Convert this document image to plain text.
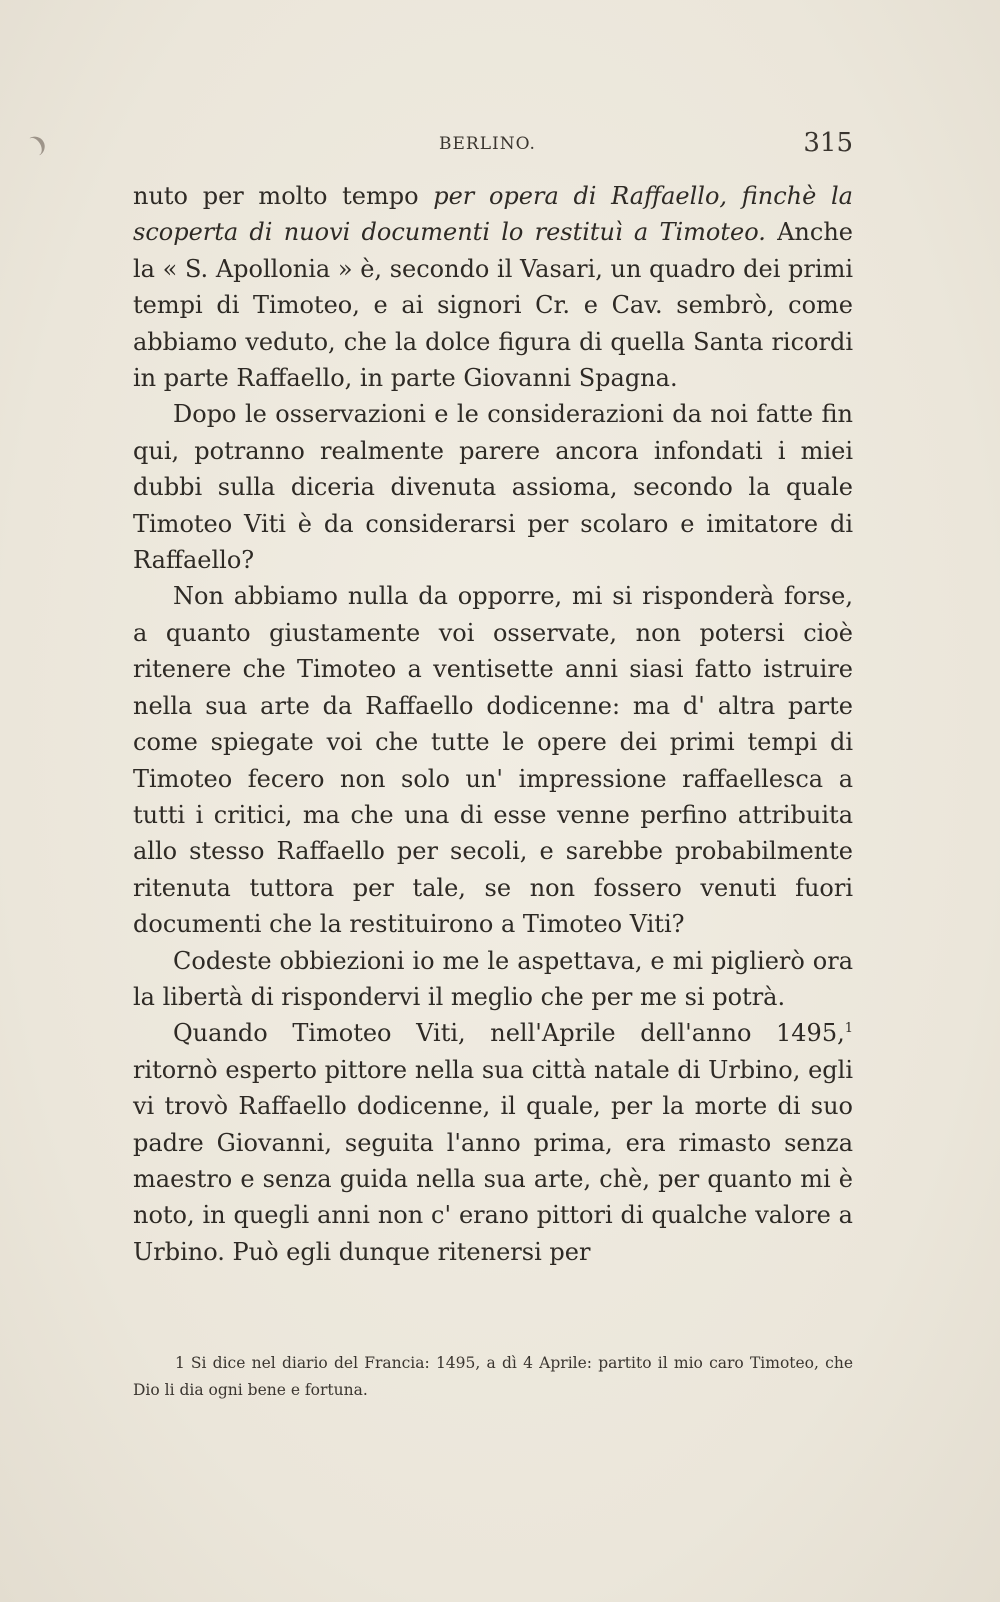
❩	BERLINO.	315

nuto per molto tempo per opera di Raffaello, finchè la scoperta di nuovi documenti lo restituì a Timoteo. Anche la « S. Apollonia » è, secondo il Vasari, un quadro dei primi tempi di Timoteo, e ai signori Cr. e Cav. sembrò, come abbiamo veduto, che la dolce figura di quella Santa ricordi in parte Raffaello, in parte Giovanni Spagna.

Dopo le osservazioni e le considerazioni da noi fatte fin qui, potranno realmente parere ancora infondati i miei dubbi sulla diceria divenuta assioma, secondo la quale Timoteo Viti è da considerarsi per scolaro e imitatore di Raffaello?

Non abbiamo nulla da opporre, mi si risponderà forse, a quanto giustamente voi osservate, non potersi cioè ritenere che Timoteo a ventisette anni siasi fatto istruire nella sua arte da Raffaello dodicenne: ma d' altra parte come spiegate voi che tutte le opere dei primi tempi di Timoteo fecero non solo un' impressione raffaellesca a tutti i critici, ma che una di esse venne perfino attribuita allo stesso Raffaello per secoli, e sarebbe probabilmente ritenuta tuttora per tale, se non fossero venuti fuori documenti che la restituirono a Timoteo Viti?

Codeste obbiezioni io me le aspettava, e mi piglierò ora la libertà di rispondervi il meglio che per me si potrà.

Quando Timoteo Viti, nell'Aprile dell'anno 1495,$^1$ ritornò esperto pittore nella sua città natale di Urbino, egli vi trovò Raffaello dodicenne, il quale, per la morte di suo padre Giovanni, seguita l'anno prima, era rimasto senza maestro e senza guida nella sua arte, chè, per quanto mi è noto, in quegli anni non c' erano pittori di qualche valore a Urbino. Può egli dunque ritenersi per

1 Si dice nel diario del Francia: 1495, a dì 4 Aprile: partito il mio caro Timoteo, che Dio li dia ogni bene e fortuna.
